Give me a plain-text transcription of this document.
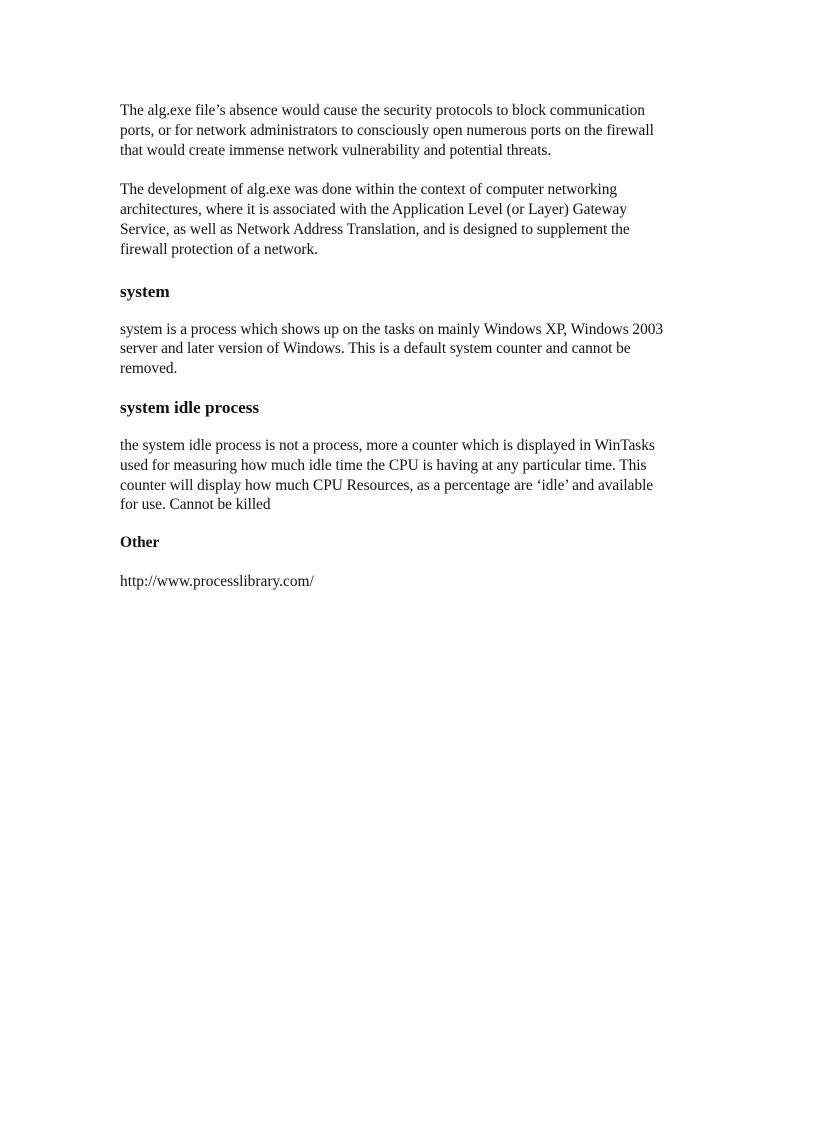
The alg.exe file’s absence would cause the security protocols to block communication
ports, or for network administrators to consciously open numerous ports on the firewall
that would create immense network vulnerability and potential threats.

The development of alg.exe was done within the context of computer networking
architectures, where it is associated with the Application Level (or Layer) Gateway
Service, as well as Network Address Translation, and is designed to supplement the
firewall protection of a network.

system

system is a process which shows up on the tasks on mainly Windows XP, Windows 2003
server and later version of Windows. This is a default system counter and cannot be
removed.

system idle process

the system idle process is not a process, more a counter which is displayed in WinTasks
used for measuring how much idle time the CPU is having at any particular time. This
counter will display how much CPU Resources, as a percentage are ‘idle’ and available
for use. Cannot be killed

Other
http://www.processlibrary.com/
